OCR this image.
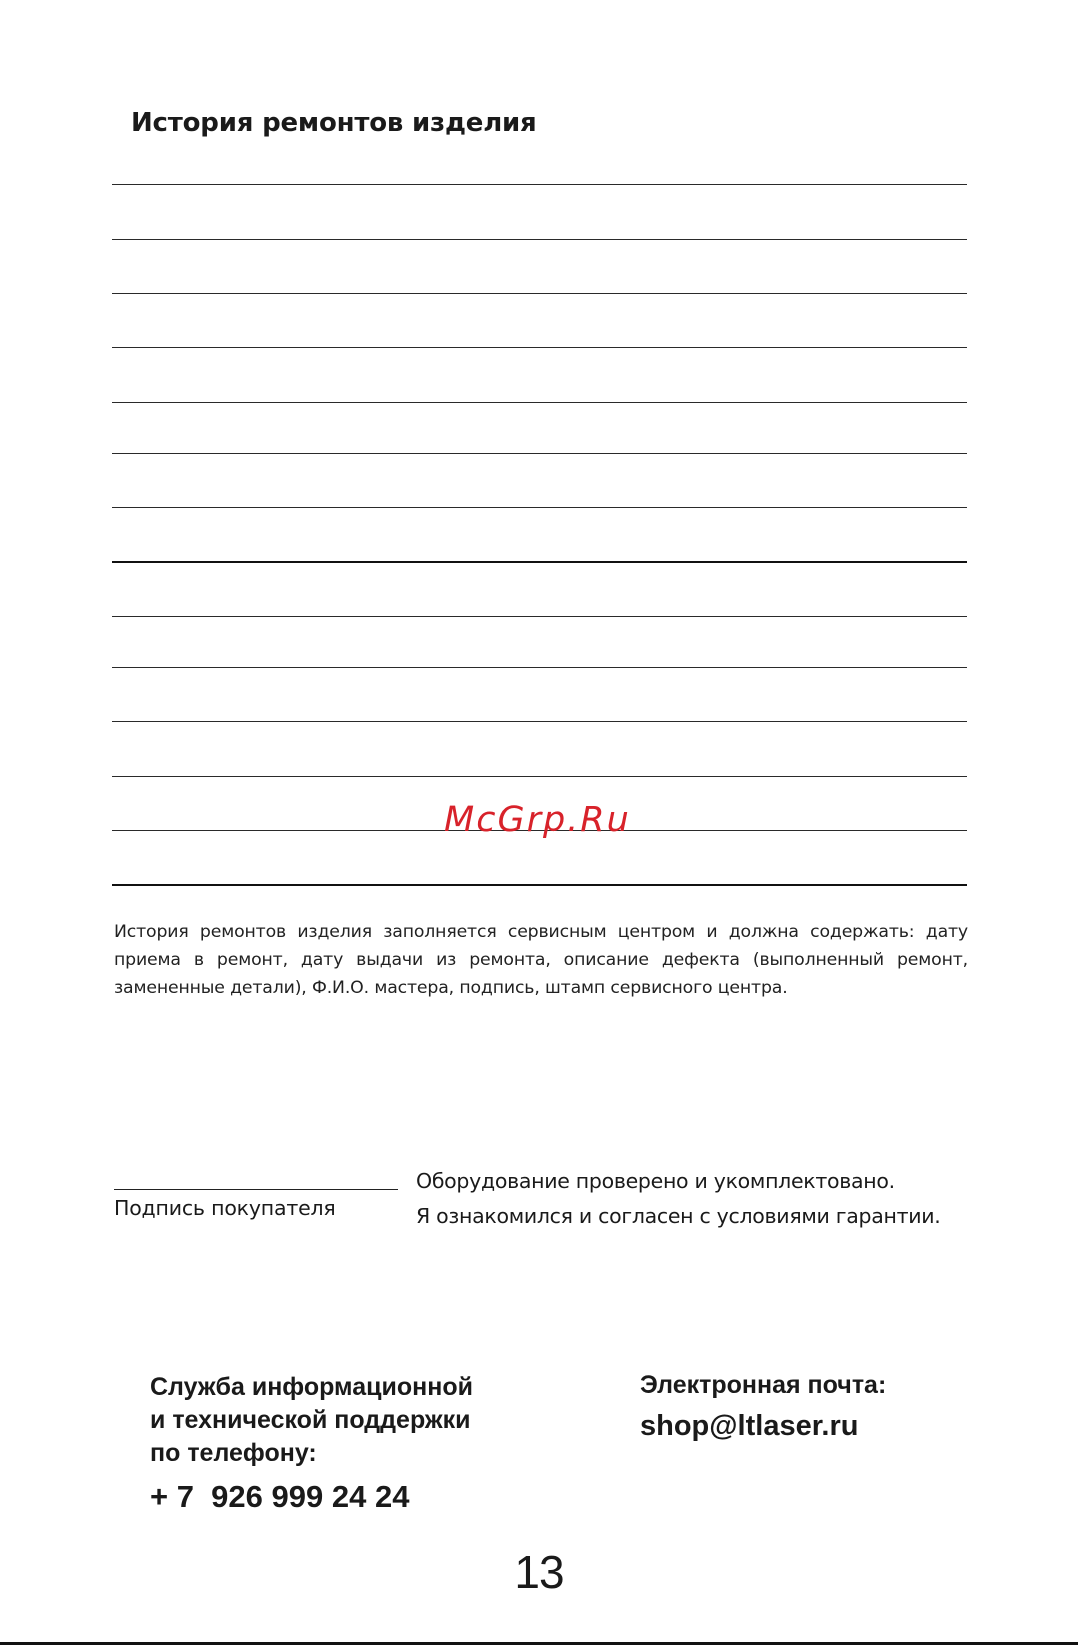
История ремонтов изделия
McGrp.Ru
История ремонтов изделия заполняется сервисным центром и должна содержать: дату приема в ремонт, дату выдачи из ремонта, описание дефекта (выполненный ремонт, замененные детали), Ф.И.О. мастера, подпись, штамп сервисного центра.
Подпись покупателя
Оборудование проверено и укомплектовано.
Я ознакомился и согласен с условиями гарантии.
Служба информационной
и технической поддержки
по телефону:
+ 7  926 999 24 24
Электронная почта:
shop@ltlaser.ru
13
